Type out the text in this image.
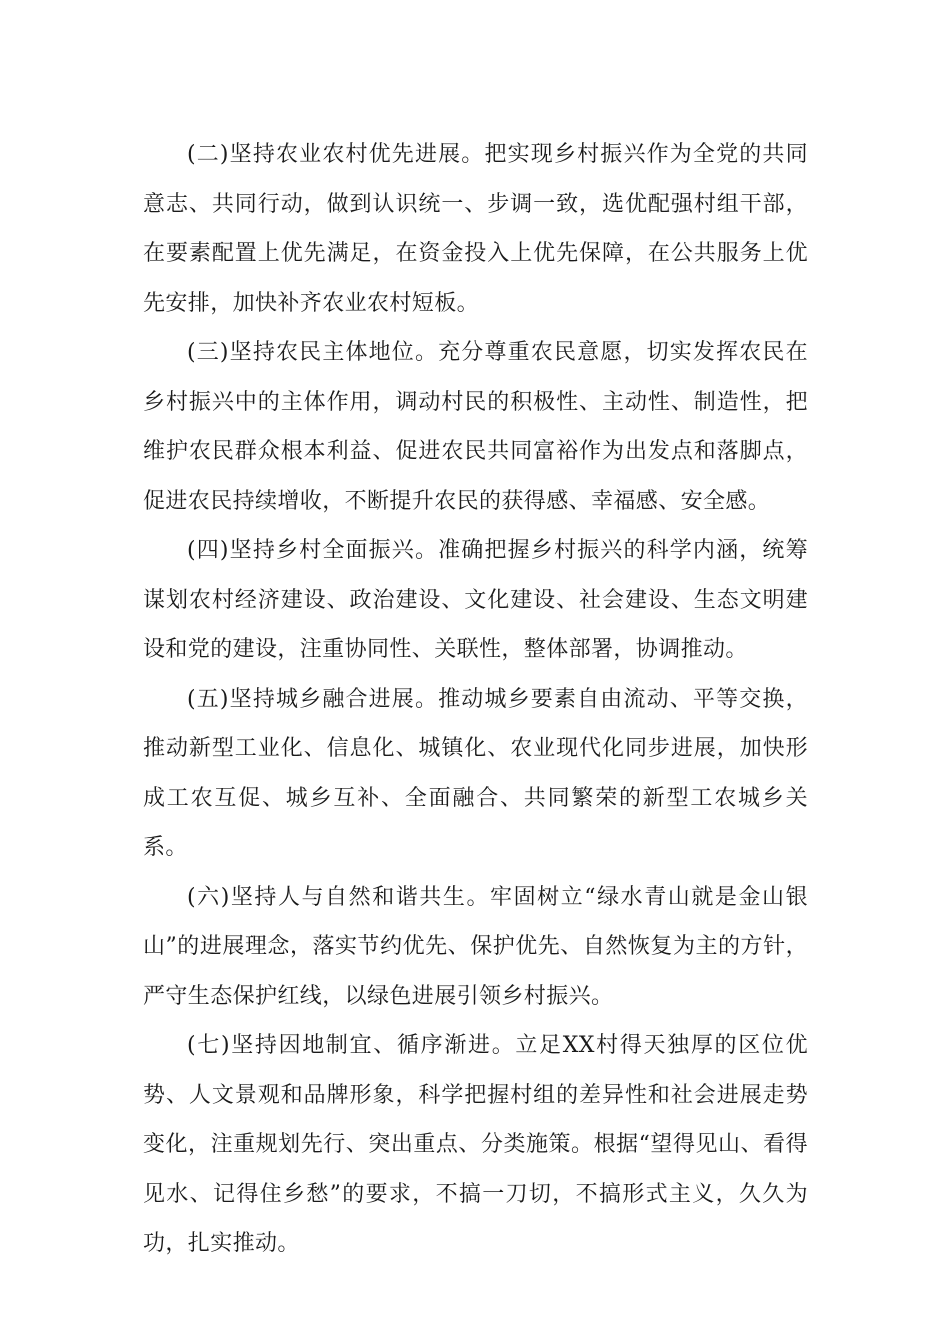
(二)坚持农业农村优先进展。把实现乡村振兴作为全党的共同意志、共同行动，做到认识统一、步调一致，选优配强村组干部，在要素配置上优先满足，在资金投入上优先保障，在公共服务上优先安排，加快补齐农业农村短板。

(三)坚持农民主体地位。充分尊重农民意愿，切实发挥农民在乡村振兴中的主体作用，调动村民的积极性、主动性、制造性，把维护农民群众根本利益、促进农民共同富裕作为出发点和落脚点，促进农民持续增收，不断提升农民的获得感、幸福感、安全感。

(四)坚持乡村全面振兴。准确把握乡村振兴的科学内涵，统筹谋划农村经济建设、政治建设、文化建设、社会建设、生态文明建设和党的建设，注重协同性、关联性，整体部署，协调推动。

(五)坚持城乡融合进展。推动城乡要素自由流动、平等交换，推动新型工业化、信息化、城镇化、农业现代化同步进展，加快形成工农互促、城乡互补、全面融合、共同繁荣的新型工农城乡关系。

(六)坚持人与自然和谐共生。牢固树立“绿水青山就是金山银山”的进展理念，落实节约优先、保护优先、自然恢复为主的方针，严守生态保护红线，以绿色进展引领乡村振兴。

(七)坚持因地制宜、循序渐进。立足XX村得天独厚的区位优势、人文景观和品牌形象，科学把握村组的差异性和社会进展走势变化，注重规划先行、突出重点、分类施策。根据“望得见山、看得见水、记得住乡愁”的要求，不搞一刀切，不搞形式主义，久久为功，扎实推动。
